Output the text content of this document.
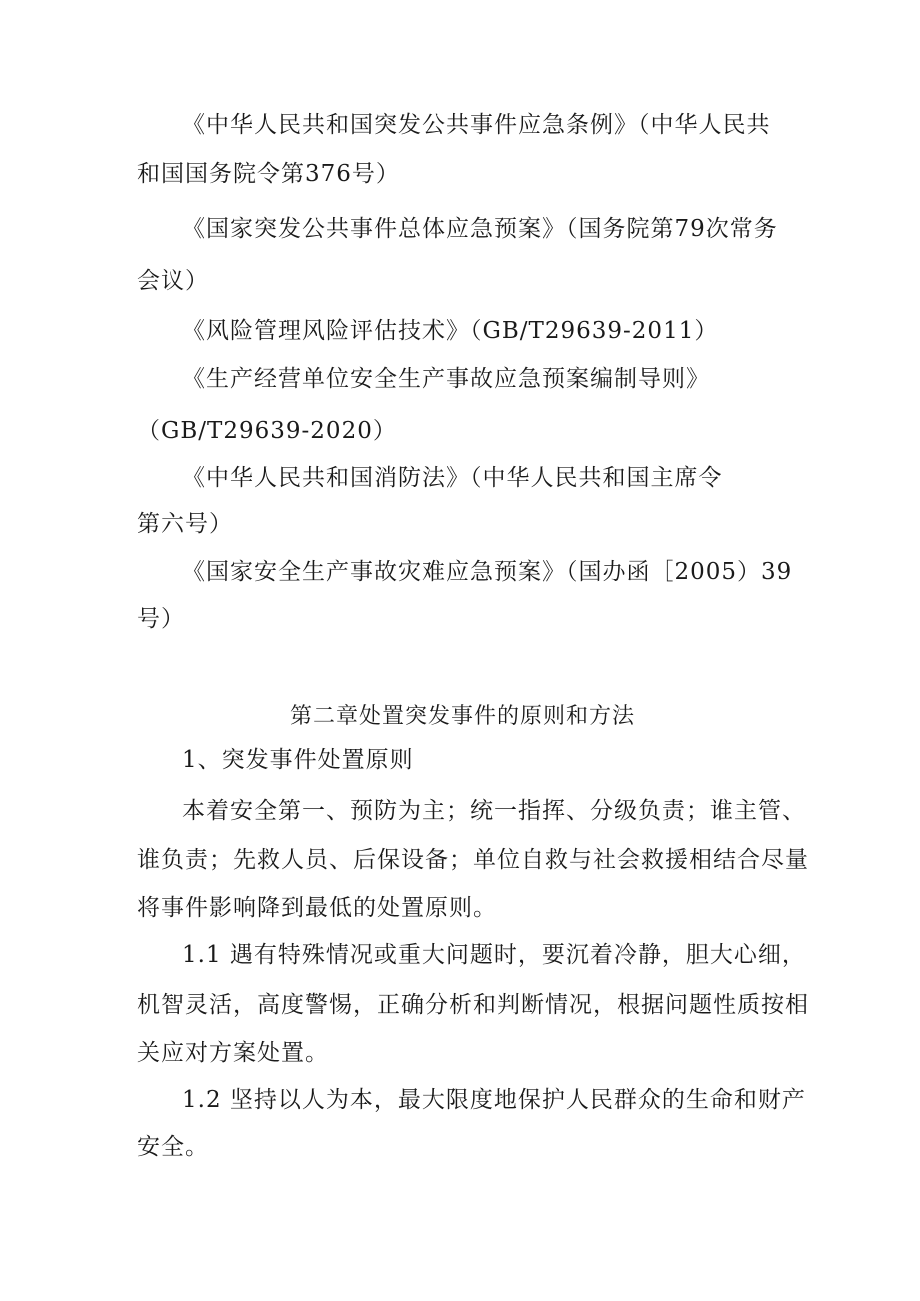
《中华人民共和国突发公共事件应急条例》（中华人民共
和国国务院令第376号）
《国家突发公共事件总体应急预案》（国务院第79次常务
会议）
《风险管理风险评估技术》（GB/T29639-2011）
《生产经营单位安全生产事故应急预案编制导则》
（GB/T29639-2020）
《中华人民共和国消防法》（中华人民共和国主席令
第六号）
《国家安全生产事故灾难应急预案》（国办函［2005）39
号）
第二章处置突发事件的原则和方法
1、突发事件处置原则
本着安全第一、预防为主；统一指挥、分级负责；谁主管、
谁负责；先救人员、后保设备；单位自救与社会救援相结合尽量
将事件影响降到最低的处置原则。
1.1 遇有特殊情况或重大问题时，要沉着冷静，胆大心细，
机智灵活，高度警惕，正确分析和判断情况，根据问题性质按相
关应对方案处置。
1.2 坚持以人为本，最大限度地保护人民群众的生命和财产
安全。
